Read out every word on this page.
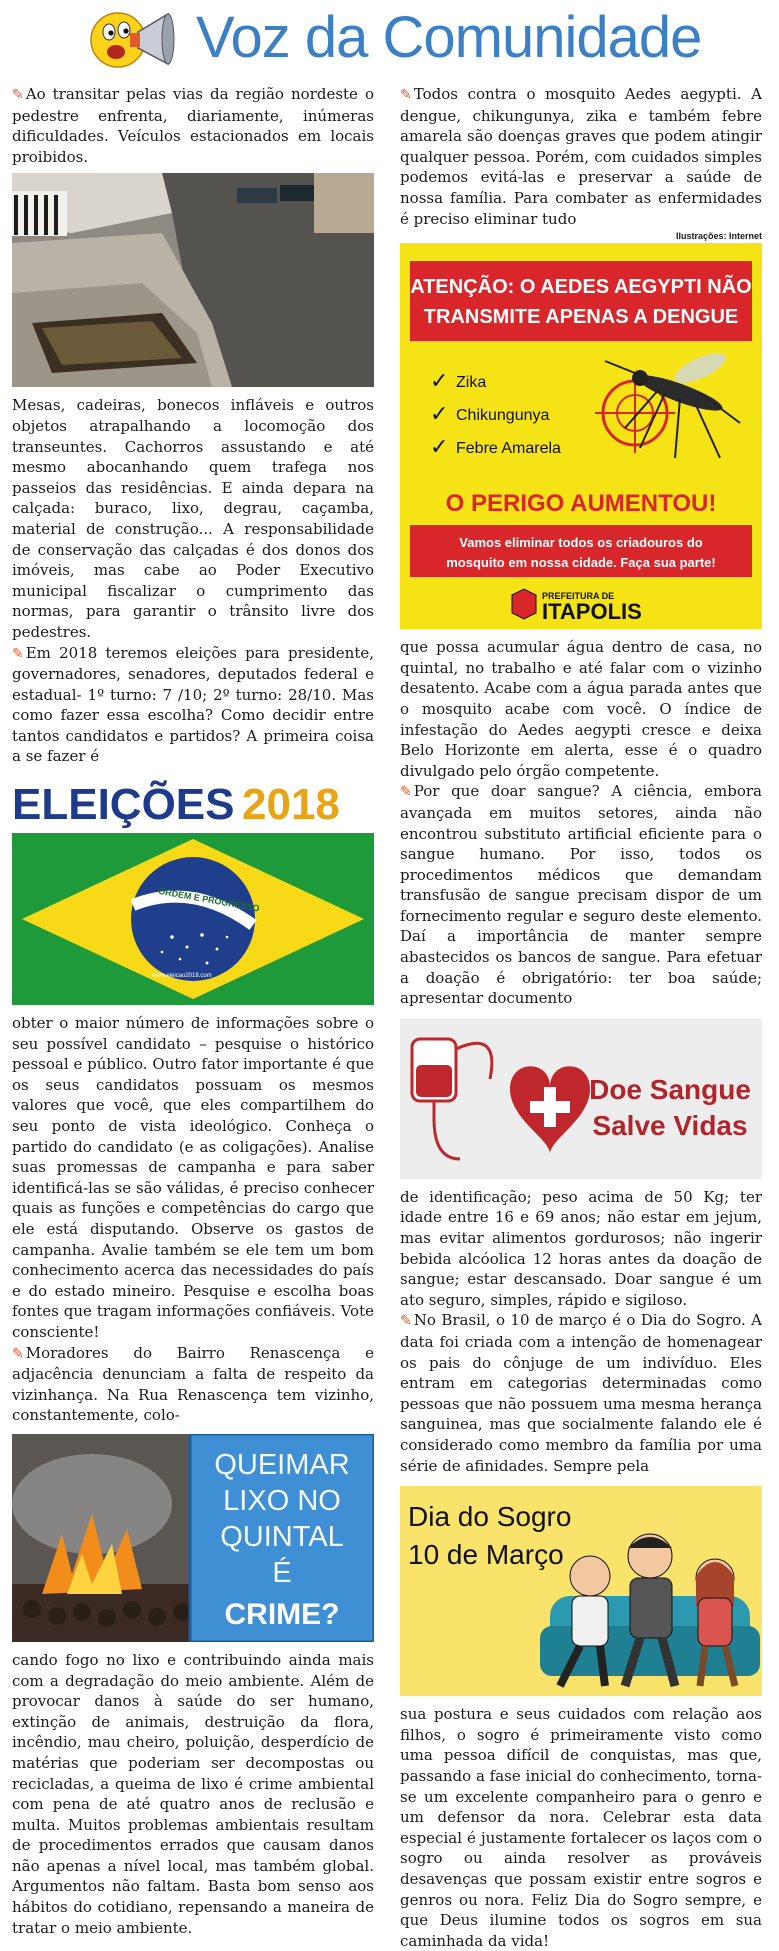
Voz da Comunidade

✎ Ao transitar pelas vias da região nordeste o pedestre enfrenta, diariamente, inúmeras dificuldades. Veículos estacionados em locais proibidos.

Mesas, cadeiras, bonecos infláveis e outros objetos atrapalhando a locomoção dos transeuntes. Cachorros assustando e até mesmo abocanhando quem trafega nos passeios das residências. E ainda depara na calçada: buraco, lixo, degrau, caçamba, material de construção... A responsabilidade de conservação das calçadas é dos donos dos imóveis, mas cabe ao Poder Executivo municipal fiscalizar o cumprimento das normas, para garantir o trânsito livre dos pedestres.

✎ Em 2018 teremos eleições para presidente, governadores, senadores, deputados federal e estadual- 1º turno: 7 /10; 2º turno: 28/10. Mas como fazer essa escolha? Como decidir entre tantos candidatos e partidos? A primeira coisa a se fazer é

ELEIÇÕES 2018
ORDEM E PROGRESSO
www.eleicao2018.com

obter o maior número de informações sobre o seu possível candidato – pesquise o histórico pessoal e público. Outro fator importante é que os seus candidatos possuam os mesmos valores que você, que eles compartilhem do seu ponto de vista ideológico. Conheça o partido do candidato (e as coligações). Analise suas promessas de campanha e para saber identificá-las se são válidas, é preciso conhecer quais as funções e competências do cargo que ele está disputando. Observe os gastos de campanha. Avalie também se ele tem um bom conhecimento acerca das necessidades do país e do estado mineiro. Pesquise e escolha boas fontes que tragam informações confiáveis. Vote consciente!

✎ Moradores do Bairro Renascença e adjacência denunciam a falta de respeito da vizinhança. Na Rua Renascença tem vizinho, constantemente, colo-

QUEIMAR
LIXO NO
QUINTAL
É
CRIME?

cando fogo no lixo e contribuindo ainda mais com a degradação do meio ambiente. Além de provocar danos à saúde do ser humano, extinção de animais, destruição da flora, incêndio, mau cheiro, poluição, desperdício de matérias que poderiam ser decompostas ou recicladas, a queima de lixo é crime ambiental com pena de até quatro anos de reclusão e multa. Muitos problemas ambientais resultam de procedimentos errados que causam danos não apenas a nível local, mas também global. Argumentos não faltam. Basta bom senso aos hábitos do cotidiano, repensando a maneira de tratar o meio ambiente.

✎ Todos contra o mosquito Aedes aegypti. A dengue, chikungunya, zika e também febre amarela são doenças graves que podem atingir qualquer pessoa. Porém, com cuidados simples podemos evitá-las e preservar a saúde de nossa família. Para combater as enfermidades é preciso eliminar tudo

Ilustrações: Internet
ATENÇÃO: O AEDES AEGYPTI NÃO
TRANSMITE APENAS A DENGUE
✓ Zika
✓ Chikungunya
✓ Febre Amarela
O PERIGO AUMENTOU!
Vamos eliminar todos os criadouros do
mosquito em nossa cidade. Faça sua parte!
PREFEITURA DE
ITAPOLIS

que possa acumular água dentro de casa, no quintal, no trabalho e até falar com o vizinho desatento. Acabe com a água parada antes que o mosquito acabe com você. O índice de infestação do Aedes aegypti cresce e deixa Belo Horizonte em alerta, esse é o quadro divulgado pelo órgão competente.

✎ Por que doar sangue? A ciência, embora avançada em muitos setores, ainda não encontrou substituto artificial eficiente para o sangue humano. Por isso, todos os procedimentos médicos que demandam transfusão de sangue precisam dispor de um fornecimento regular e seguro deste elemento. Daí a importância de manter sempre abastecidos os bancos de sangue. Para efetuar a doação é obrigatório: ter boa saúde; apresentar documento

Doe Sangue
Salve Vidas

de identificação; peso acima de 50 Kg; ter idade entre 16 e 69 anos; não estar em jejum, mas evitar alimentos gordurosos; não ingerir bebida alcóolica 12 horas antes da doação de sangue; estar descansado. Doar sangue é um ato seguro, simples, rápido e sigiloso.

✎ No Brasil, o 10 de março é o Dia do Sogro. A data foi criada com a intenção de homenagear os pais do cônjuge de um indivíduo. Eles entram em categorias determinadas como pessoas que não possuem uma mesma herança sanguinea, mas que socialmente falando ele é considerado como membro da família por uma série de afinidades. Sempre pela

Dia do Sogro
10 de Março

sua postura e seus cuidados com relação aos filhos, o sogro é primeiramente visto como uma pessoa difícil de conquistas, mas que, passando a fase inicial do conhecimento, torna-se um excelente companheiro para o genro e um defensor da nora. Celebrar esta data especial é justamente fortalecer os laços com o sogro ou ainda resolver as prováveis desavenças que possam existir entre sogros e genros ou nora. Feliz Dia do Sogro sempre, e que Deus ilumine todos os sogros em sua caminhada da vida!
